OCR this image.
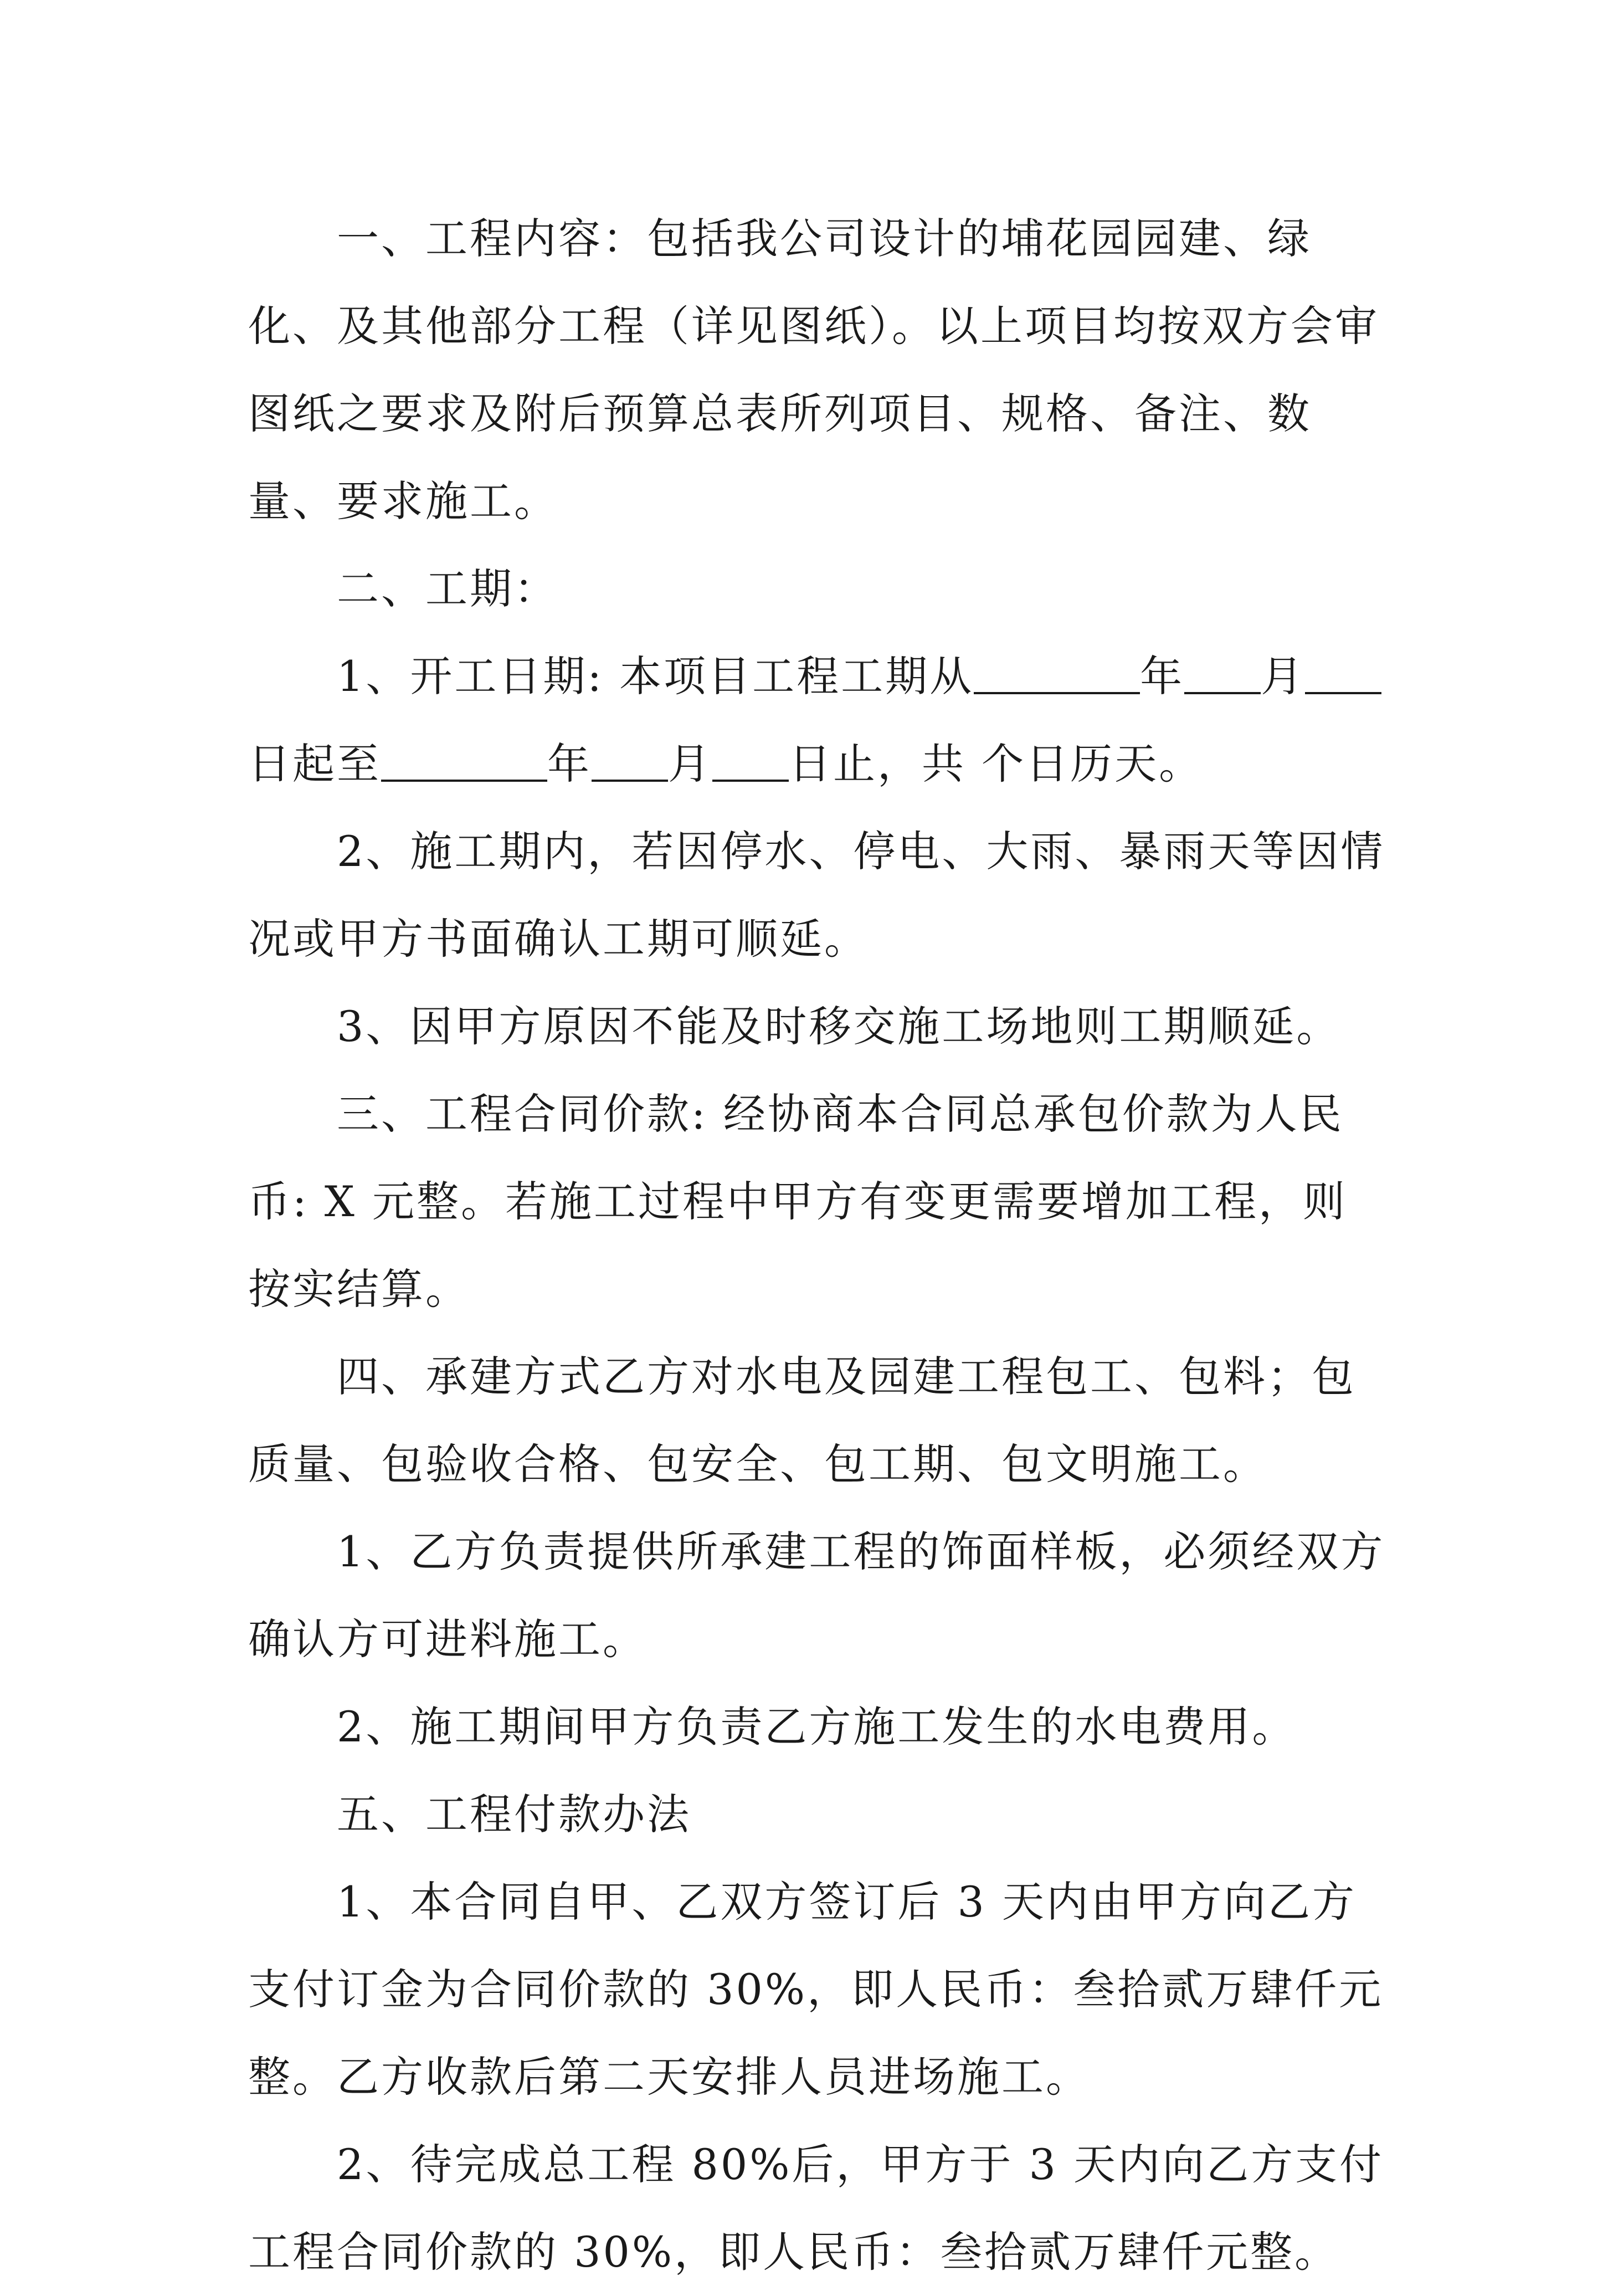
一、工程内容：包括我公司设计的埔花园园建、绿化、及其他部分工程（详见图纸）。以上项目均按双方会审图纸之要求及附后预算总表所列项目、规格、备注、数量、要求施工。

二、工期：

1、开工日期: 本项目工程工期从	年 月日起至	年 月 日止，共 个日历天。

2、施工期内，若因停水、停电、大雨、暴雨天等因情况或甲方书面确认工期可顺延。

3、因甲方原因不能及时移交施工场地则工期顺延。

三、工程合同价款: 经协商本合同总承包价款为人民币: X 元整。若施工过程中甲方有变更需要增加工程，则按实结算。

四、承建方式乙方对水电及园建工程包工、包料；包质量、包验收合格、包安全、包工期、包文明施工。

1、乙方负责提供所承建工程的饰面样板，必须经双方确认方可进料施工。

2、施工期间甲方负责乙方施工发生的水电费用。

五、工程付款办法

1、本合同自甲、乙双方签订后 3 天内由甲方向乙方支付订金为合同价款的 30%，即人民币：叁拾贰万肆仟元整。乙方收款后第二天安排人员进场施工。

2、待完成总工程 80%后，甲方于 3 天内向乙方支付工程合同价款的 30%，即人民币：叁拾贰万肆仟元整。
